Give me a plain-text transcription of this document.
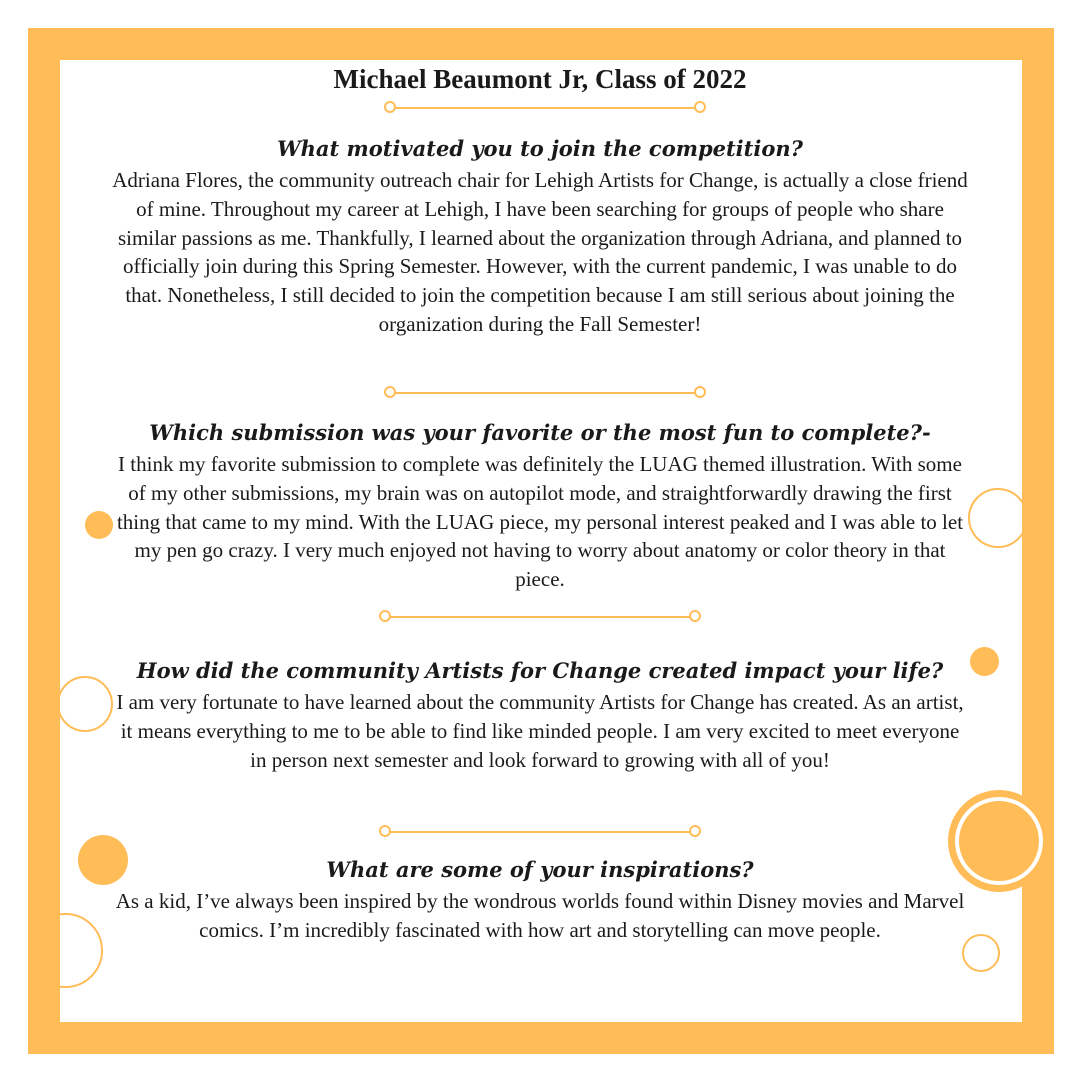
Michael Beaumont Jr, Class of 2022
What motivated you to join the competition?
Adriana Flores, the community outreach chair for Lehigh Artists for Change, is actually a close friend of mine. Throughout my career at Lehigh, I have been searching for groups of people who share similar passions as me. Thankfully, I learned about the organization through Adriana, and planned to officially join during this Spring Semester. However, with the current pandemic, I was unable to do that. Nonetheless, I still decided to join the competition because I am still serious about joining the organization during the Fall Semester!
Which submission was your favorite or the most fun to complete?-
I think my favorite submission to complete was definitely the LUAG themed illustration. With some of my other submissions, my brain was on autopilot mode, and straightforwardly drawing the first thing that came to my mind. With the LUAG piece, my personal interest peaked and I was able to let my pen go crazy. I very much enjoyed not having to worry about anatomy or color theory in that piece.
How did the community Artists for Change created impact your life?
I am very fortunate to have learned about the community Artists for Change has created. As an artist, it means everything to me to be able to find like minded people. I am very excited to meet everyone in person next semester and look forward to growing with all of you!
What are some of your inspirations?
As a kid, I’ve always been inspired by the wondrous worlds found within Disney movies and Marvel comics. I’m incredibly fascinated with how art and storytelling can move people.
